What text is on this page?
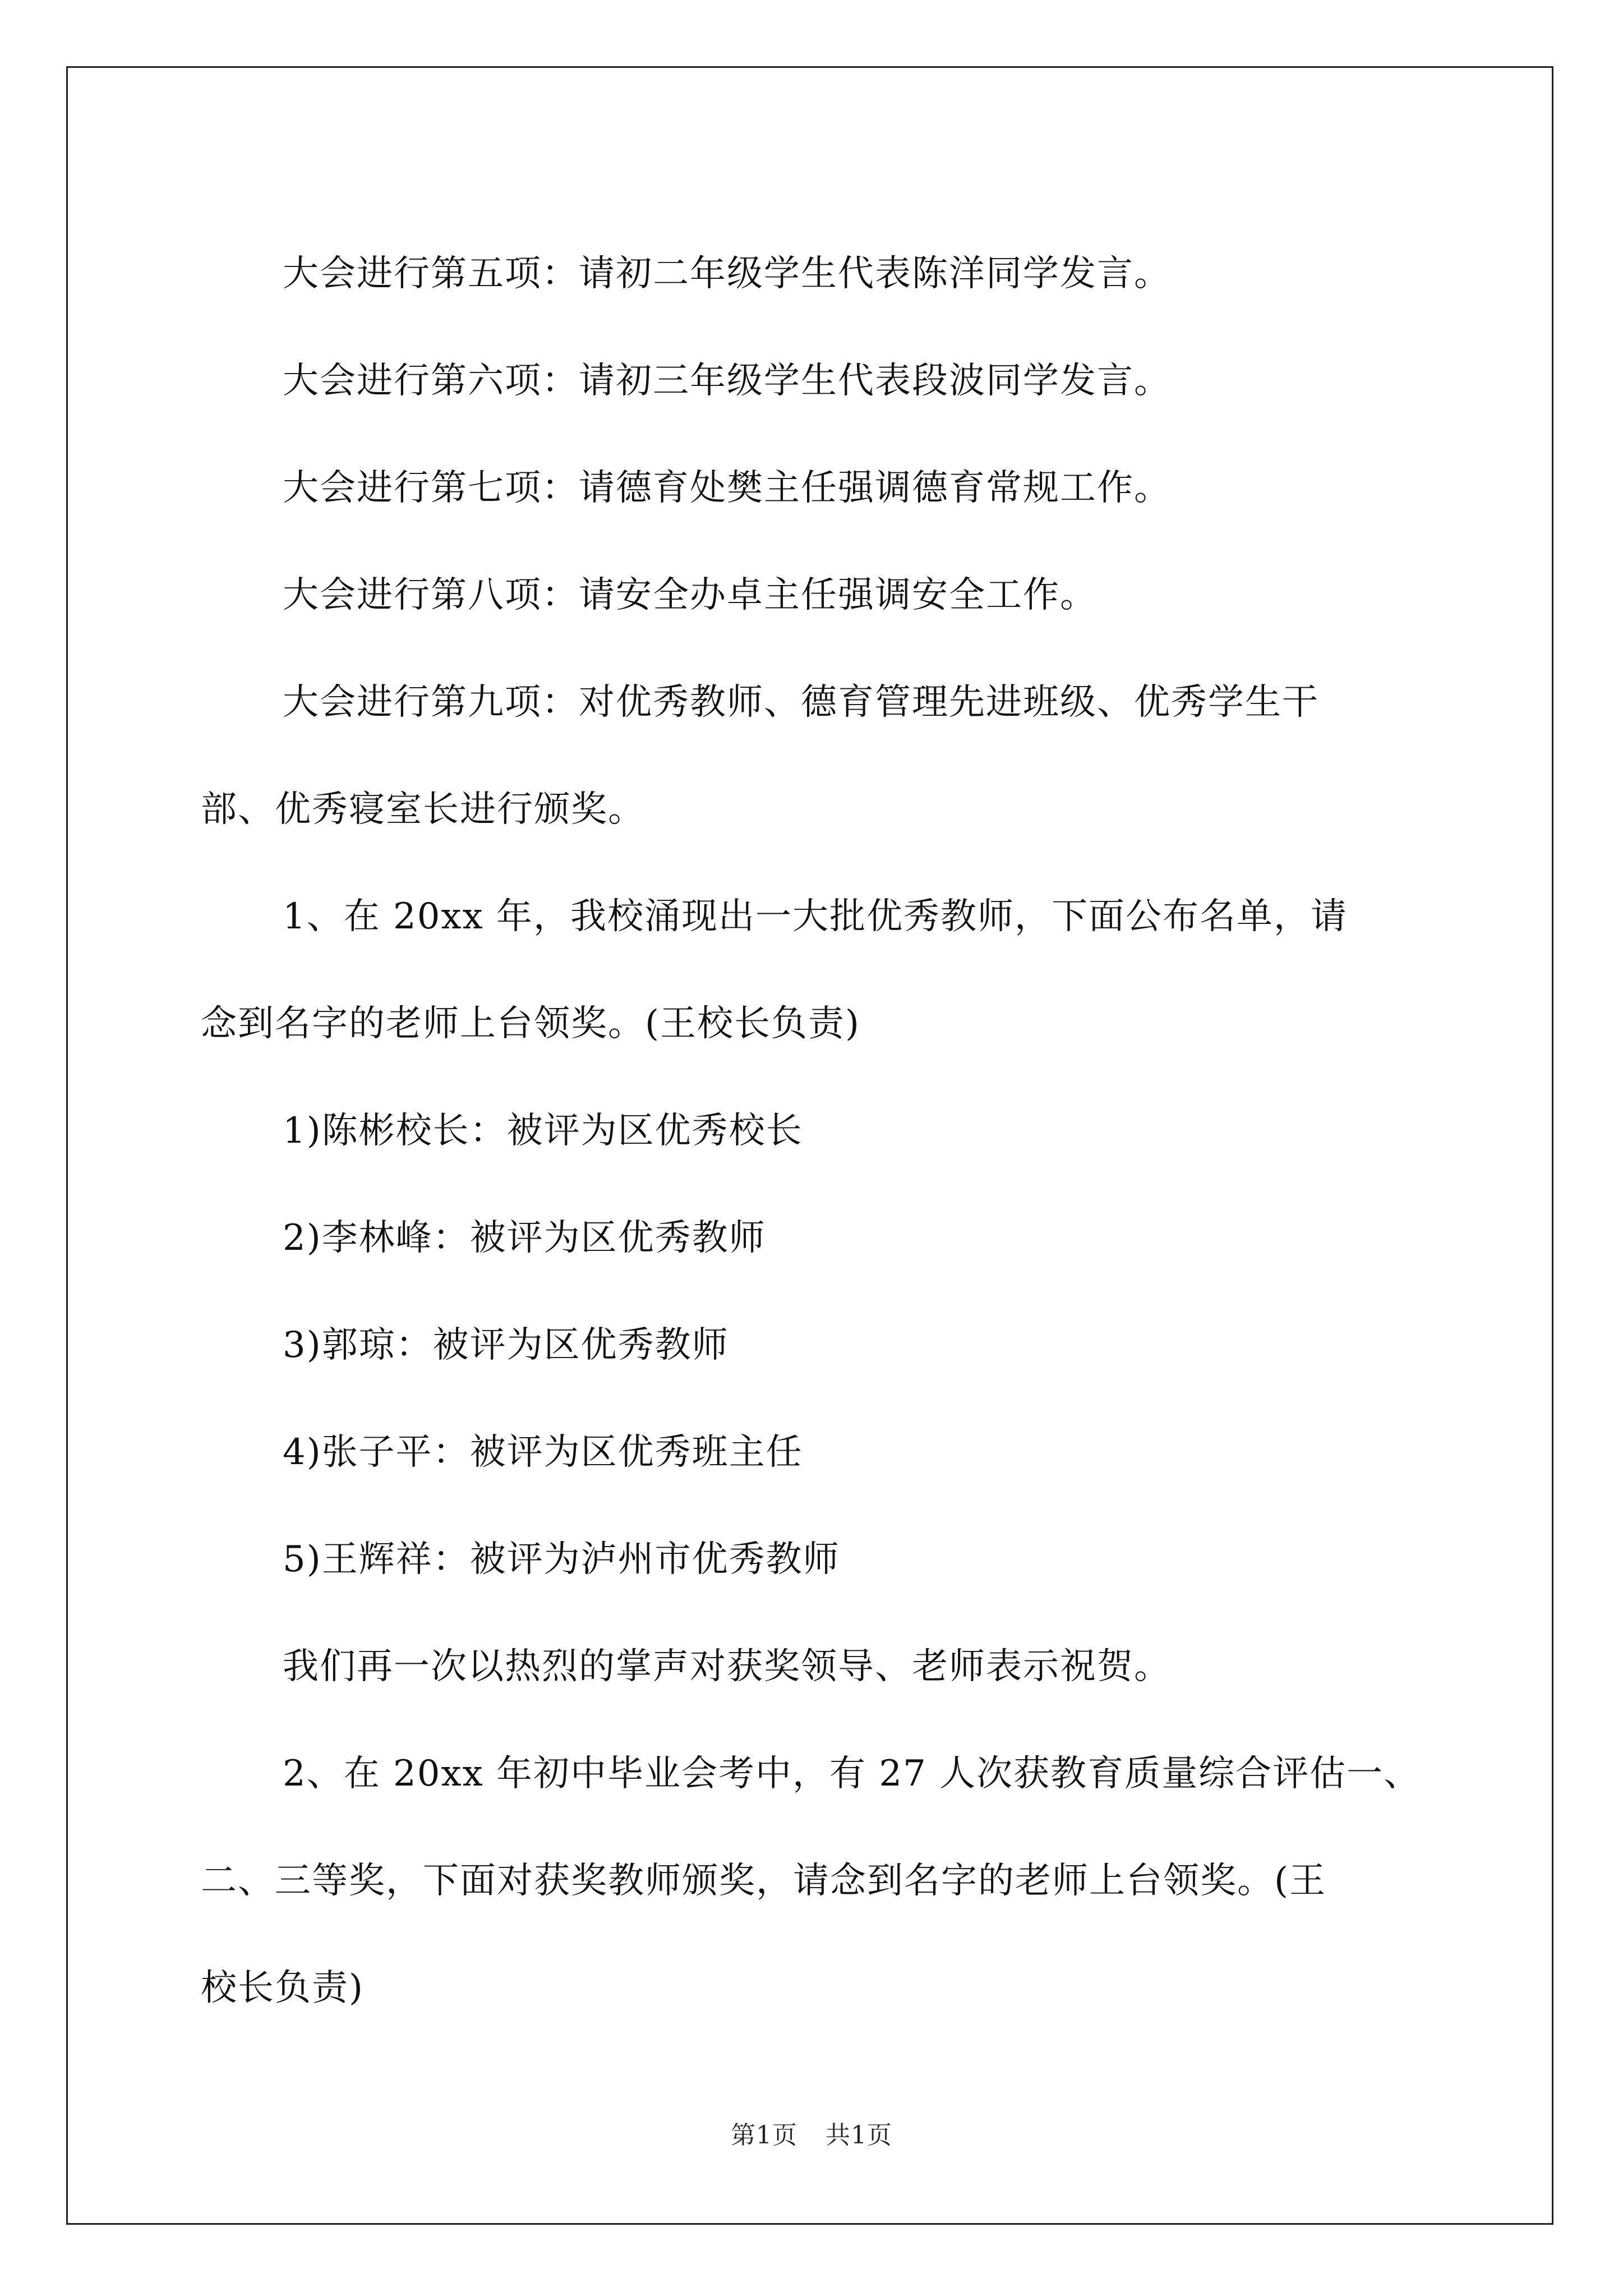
大会进行第五项：请初二年级学生代表陈洋同学发言。

大会进行第六项：请初三年级学生代表段波同学发言。

大会进行第七项：请德育处樊主任强调德育常规工作。

大会进行第八项：请安全办卓主任强调安全工作。

大会进行第九项：对优秀教师、德育管理先进班级、优秀学生干

部、优秀寝室长进行颁奖。

1、在 20xx 年，我校涌现出一大批优秀教师，下面公布名单，请

念到名字的老师上台领奖。(王校长负责)

1)陈彬校长：被评为区优秀校长

2)李林峰：被评为区优秀教师

3)郭琼：被评为区优秀教师

4)张子平：被评为区优秀班主任

5)王辉祥：被评为泸州市优秀教师

我们再一次以热烈的掌声对获奖领导、老师表示祝贺。

2、在 20xx 年初中毕业会考中，有 27 人次获教育质量综合评估一、

二、三等奖，下面对获奖教师颁奖，请念到名字的老师上台领奖。(王

校长负责)

第1页 共1页
